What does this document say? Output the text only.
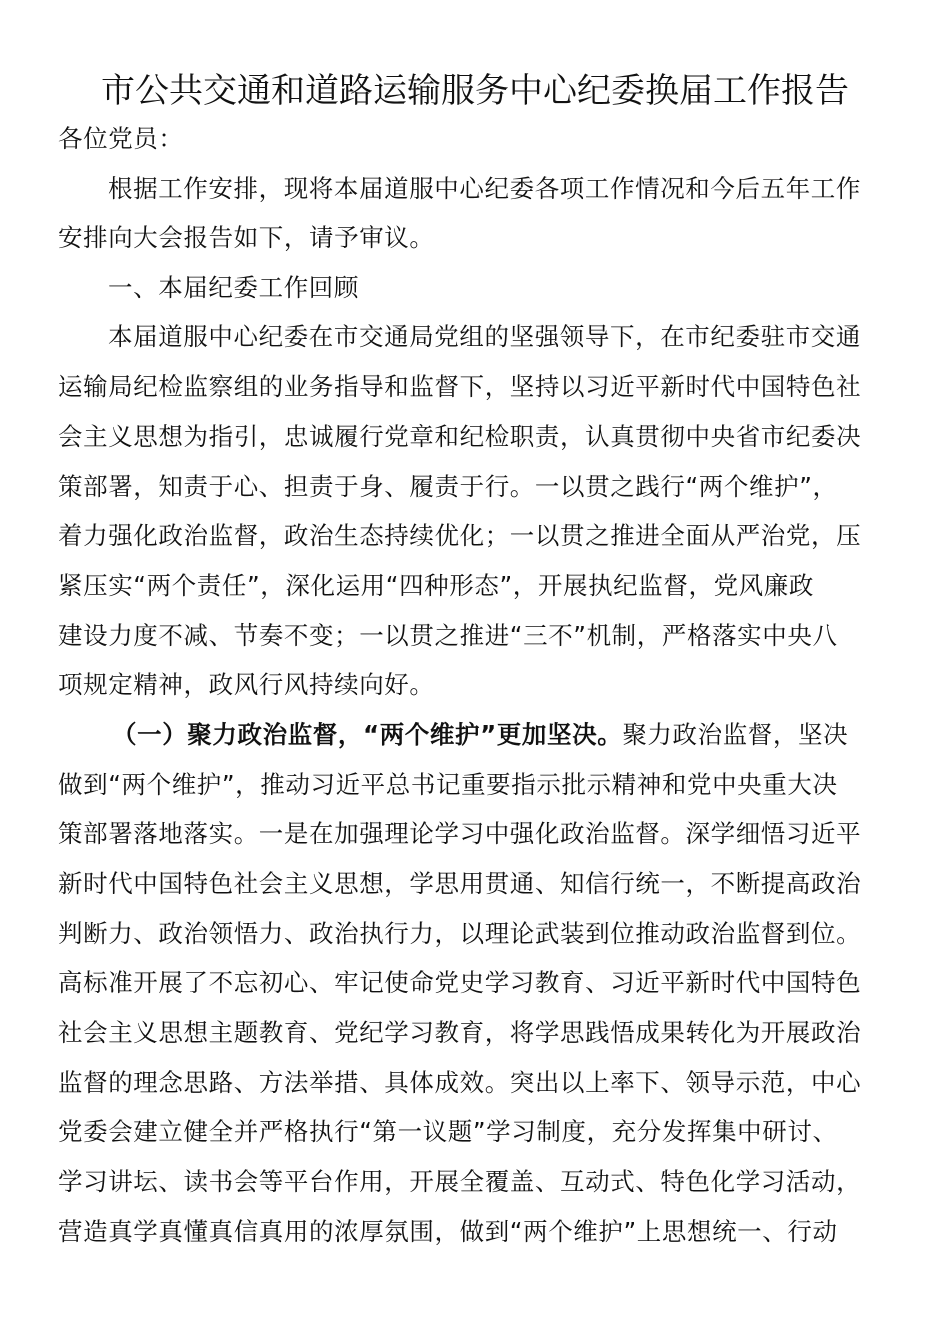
市公共交通和道路运输服务中心纪委换届工作报告
各位党员：
根据工作安排，现将本届道服中心纪委各项工作情况和今后五年工作
安排向大会报告如下，请予审议。
一、本届纪委工作回顾
本届道服中心纪委在市交通局党组的坚强领导下，在市纪委驻市交通
运输局纪检监察组的业务指导和监督下，坚持以习近平新时代中国特色社
会主义思想为指引，忠诚履行党章和纪检职责，认真贯彻中央省市纪委决
策部署，知责于心、担责于身、履责于行。一以贯之践行“两个维护”，
着力强化政治监督，政治生态持续优化；一以贯之推进全面从严治党，压
紧压实“两个责任”，深化运用“四种形态”，开展执纪监督，党风廉政
建设力度不减、节奏不变；一以贯之推进“三不”机制，严格落实中央八
项规定精神，政风行风持续向好。
（一）聚力政治监督，“两个维护”更加坚决。聚力政治监督，坚决
做到“两个维护”，推动习近平总书记重要指示批示精神和党中央重大决
策部署落地落实。一是在加强理论学习中强化政治监督。深学细悟习近平
新时代中国特色社会主义思想，学思用贯通、知信行统一，不断提高政治
判断力、政治领悟力、政治执行力，以理论武装到位推动政治监督到位。
高标准开展了不忘初心、牢记使命党史学习教育、习近平新时代中国特色
社会主义思想主题教育、党纪学习教育，将学思践悟成果转化为开展政治
监督的理念思路、方法举措、具体成效。突出以上率下、领导示范，中心
党委会建立健全并严格执行“第一议题”学习制度，充分发挥集中研讨、
学习讲坛、读书会等平台作用，开展全覆盖、互动式、特色化学习活动，
营造真学真懂真信真用的浓厚氛围，做到“两个维护”上思想统一、行动
